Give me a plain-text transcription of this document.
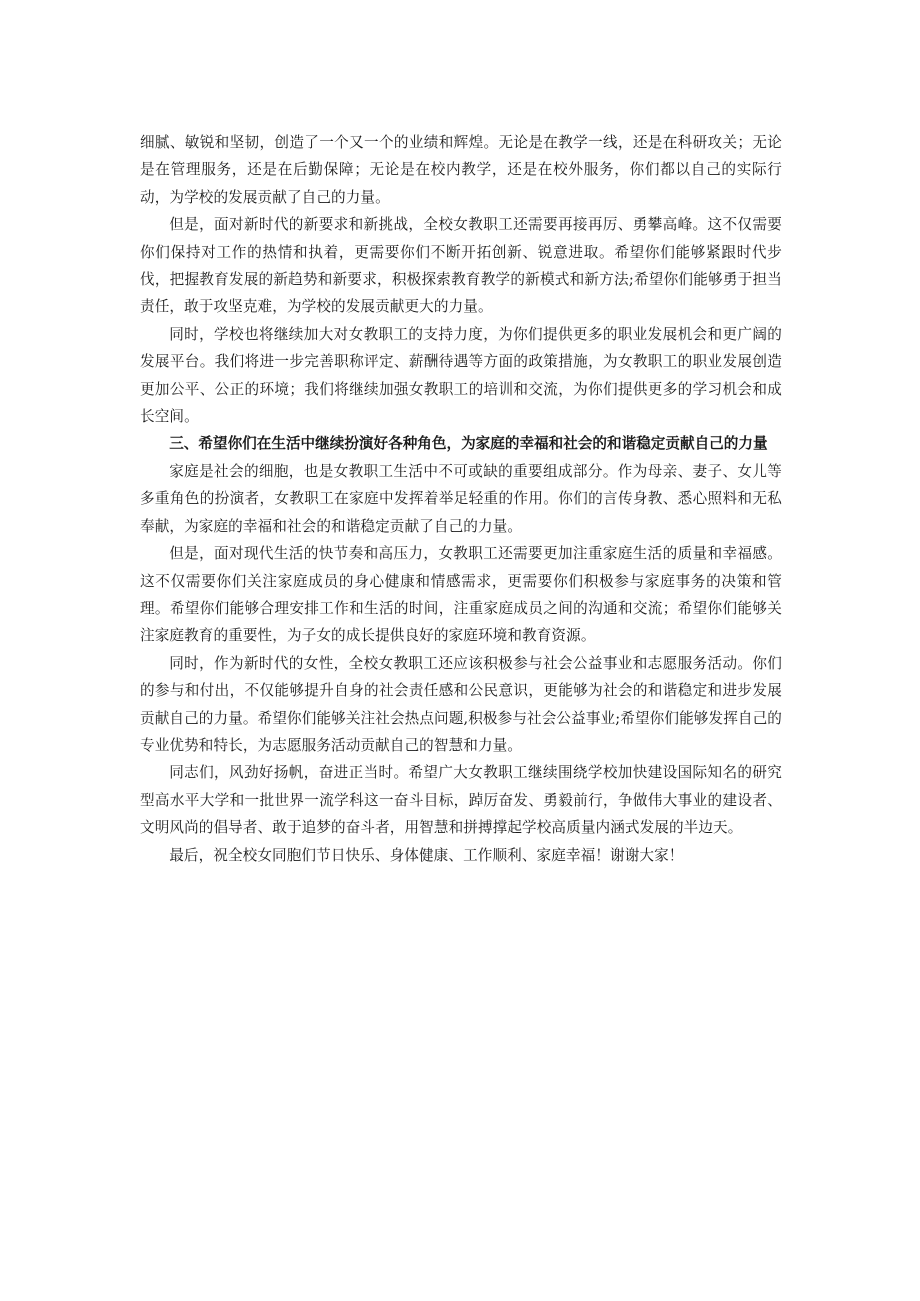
细腻、敏锐和坚韧，创造了一个又一个的业绩和辉煌。无论是在教学一线，还是在科研攻关；无论是在管理服务，还是在后勤保障；无论是在校内教学，还是在校外服务，你们都以自己的实际行动，为学校的发展贡献了自己的力量。

但是，面对新时代的新要求和新挑战，全校女教职工还需要再接再厉、勇攀高峰。这不仅需要你们保持对工作的热情和执着，更需要你们不断开拓创新、锐意进取。希望你们能够紧跟时代步伐，把握教育发展的新趋势和新要求，积极探索教育教学的新模式和新方法;希望你们能够勇于担当责任，敢于攻坚克难，为学校的发展贡献更大的力量。

同时，学校也将继续加大对女教职工的支持力度，为你们提供更多的职业发展机会和更广阔的发展平台。我们将进一步完善职称评定、薪酬待遇等方面的政策措施，为女教职工的职业发展创造更加公平、公正的环境；我们将继续加强女教职工的培训和交流，为你们提供更多的学习机会和成长空间。

三、希望你们在生活中继续扮演好各种角色，为家庭的幸福和社会的和谐稳定贡献自己的力量

家庭是社会的细胞，也是女教职工生活中不可或缺的重要组成部分。作为母亲、妻子、女儿等多重角色的扮演者，女教职工在家庭中发挥着举足轻重的作用。你们的言传身教、悉心照料和无私奉献，为家庭的幸福和社会的和谐稳定贡献了自己的力量。

但是，面对现代生活的快节奏和高压力，女教职工还需要更加注重家庭生活的质量和幸福感。这不仅需要你们关注家庭成员的身心健康和情感需求，更需要你们积极参与家庭事务的决策和管理。希望你们能够合理安排工作和生活的时间，注重家庭成员之间的沟通和交流；希望你们能够关注家庭教育的重要性，为子女的成长提供良好的家庭环境和教育资源。

同时，作为新时代的女性，全校女教职工还应该积极参与社会公益事业和志愿服务活动。你们的参与和付出，不仅能够提升自身的社会责任感和公民意识，更能够为社会的和谐稳定和进步发展贡献自己的力量。希望你们能够关注社会热点问题,积极参与社会公益事业;希望你们能够发挥自己的专业优势和特长，为志愿服务活动贡献自己的智慧和力量。

同志们，风劲好扬帆，奋进正当时。希望广大女教职工继续围绕学校加快建设国际知名的研究型高水平大学和一批世界一流学科这一奋斗目标，踔厉奋发、勇毅前行，争做伟大事业的建设者、文明风尚的倡导者、敢于追梦的奋斗者，用智慧和拼搏撑起学校高质量内涵式发展的半边天。

最后，祝全校女同胞们节日快乐、身体健康、工作顺利、家庭幸福！谢谢大家！
